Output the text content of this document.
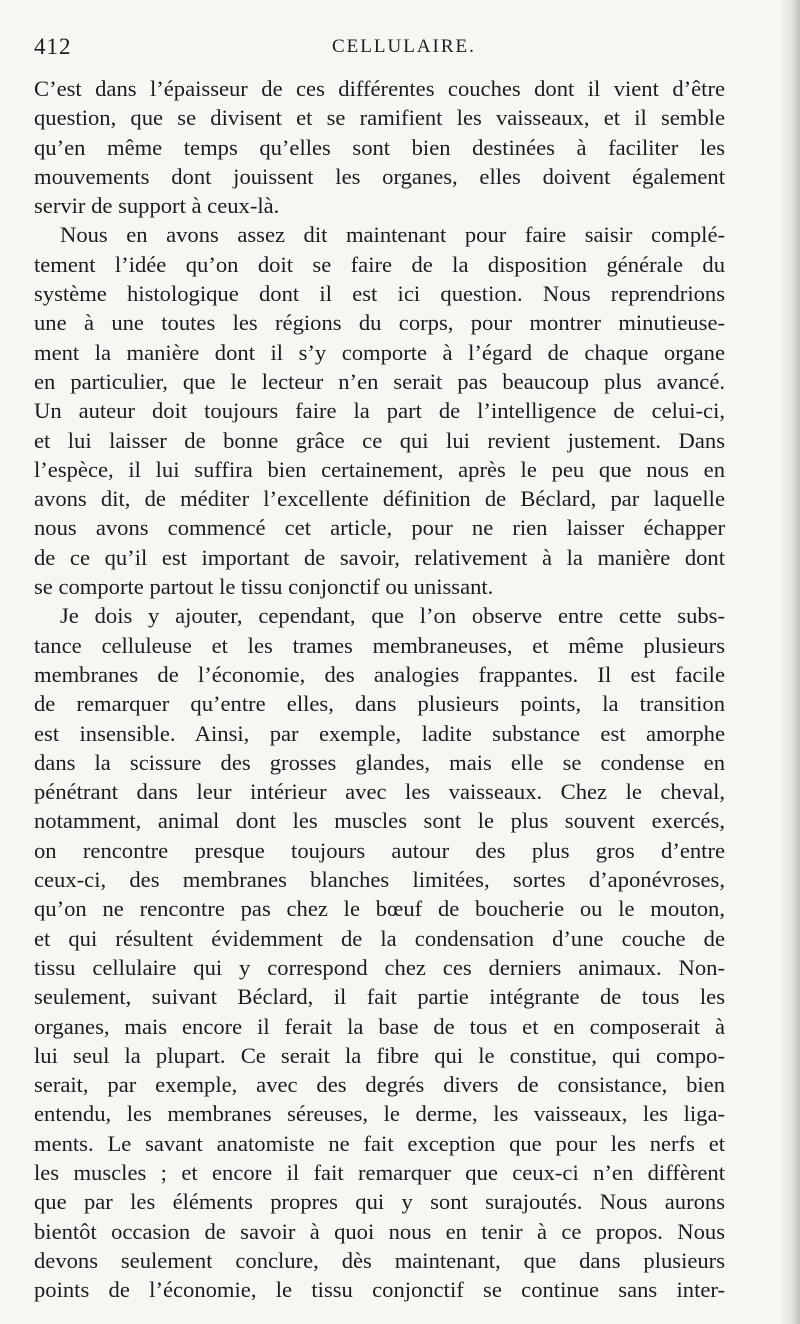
412	CELLULAIRE.

C’est dans l’épaisseur de ces différentes couches dont il vient d’être
question, que se divisent et se ramifient les vaisseaux, et il semble
qu’en même temps qu’elles sont bien destinées à faciliter les
mouvements dont jouissent les organes, elles doivent également
servir de support à ceux-là.

Nous en avons assez dit maintenant pour faire saisir complé-
tement l’idée qu’on doit se faire de la disposition générale du
système histologique dont il est ici question. Nous reprendrions
une à une toutes les régions du corps, pour montrer minutieuse-
ment la manière dont il s’y comporte à l’égard de chaque organe
en particulier, que le lecteur n’en serait pas beaucoup plus avancé.
Un auteur doit toujours faire la part de l’intelligence de celui-ci,
et lui laisser de bonne grâce ce qui lui revient justement. Dans
l’espèce, il lui suffira bien certainement, après le peu que nous en
avons dit, de méditer l’excellente définition de Béclard, par laquelle
nous avons commencé cet article, pour ne rien laisser échapper
de ce qu’il est important de savoir, relativement à la manière dont
se comporte partout le tissu conjonctif ou unissant.

Je dois y ajouter, cependant, que l’on observe entre cette subs-
tance celluleuse et les trames membraneuses, et même plusieurs
membranes de l’économie, des analogies frappantes. Il est facile
de remarquer qu’entre elles, dans plusieurs points, la transition
est insensible. Ainsi, par exemple, ladite substance est amorphe
dans la scissure des grosses glandes, mais elle se condense en
pénétrant dans leur intérieur avec les vaisseaux. Chez le cheval,
notamment, animal dont les muscles sont le plus souvent exercés,
on rencontre presque toujours autour des plus gros d’entre
ceux-ci, des membranes blanches limitées, sortes d’aponévroses,
qu’on ne rencontre pas chez le bœuf de boucherie ou le mouton,
et qui résultent évidemment de la condensation d’une couche de
tissu cellulaire qui y correspond chez ces derniers animaux. Non-
seulement, suivant Béclard, il fait partie intégrante de tous les
organes, mais encore il ferait la base de tous et en composerait à
lui seul la plupart. Ce serait la fibre qui le constitue, qui compo-
serait, par exemple, avec des degrés divers de consistance, bien
entendu, les membranes séreuses, le derme, les vaisseaux, les liga-
ments. Le savant anatomiste ne fait exception que pour les nerfs et
les muscles ; et encore il fait remarquer que ceux-ci n’en diffèrent
que par les éléments propres qui y sont surajoutés. Nous aurons
bientôt occasion de savoir à quoi nous en tenir à ce propos. Nous
devons seulement conclure, dès maintenant, que dans plusieurs
points de l’économie, le tissu conjonctif se continue sans inter-
